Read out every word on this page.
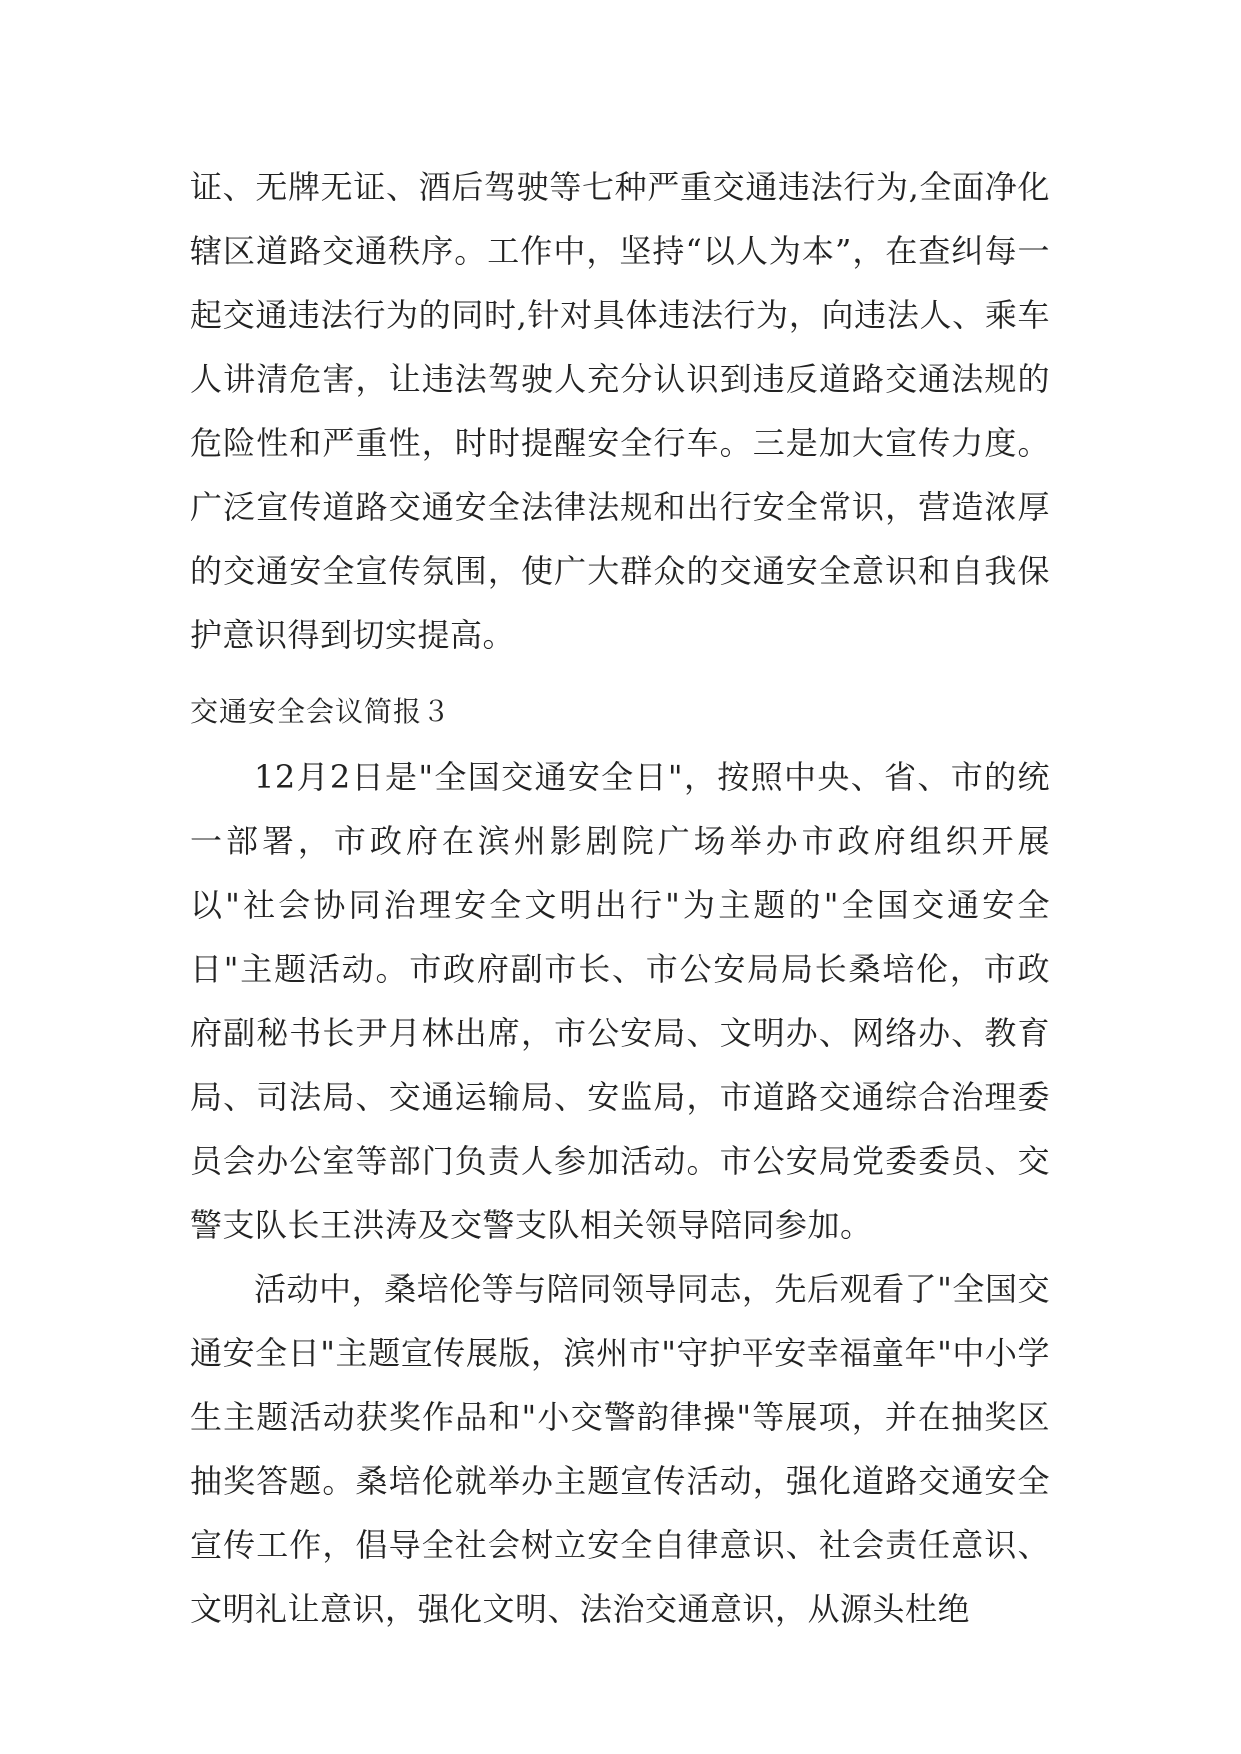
证、无牌无证、酒后驾驶等七种严重交通违法行为,全面净化辖区道路交通秩序。工作中，坚持“以人为本”，在查纠每一起交通违法行为的同时,针对具体违法行为，向违法人、乘车人讲清危害，让违法驾驶人充分认识到违反道路交通法规的危险性和严重性，时时提醒安全行车。三是加大宣传力度。广泛宣传道路交通安全法律法规和出行安全常识，营造浓厚的交通安全宣传氛围，使广大群众的交通安全意识和自我保护意识得到切实提高。

交通安全会议简报３

12月2日是"全国交通安全日"，按照中央、省、市的统一部署，市政府在滨州影剧院广场举办市政府组织开展以"社会协同治理安全文明出行"为主题的"全国交通安全日"主题活动。市政府副市长、市公安局局长桑培伦，市政府副秘书长尹月林出席，市公安局、文明办、网络办、教育局、司法局、交通运输局、安监局，市道路交通综合治理委员会办公室等部门负责人参加活动。市公安局党委委员、交警支队长王洪涛及交警支队相关领导陪同参加。

活动中，桑培伦等与陪同领导同志，先后观看了"全国交通安全日"主题宣传展版，滨州市"守护平安幸福童年"中小学生主题活动获奖作品和"小交警韵律操"等展项，并在抽奖区抽奖答题。桑培伦就举办主题宣传活动，强化道路交通安全宣传工作，倡导全社会树立安全自律意识、社会责任意识、文明礼让意识，强化文明、法治交通意识，从源头杜绝
